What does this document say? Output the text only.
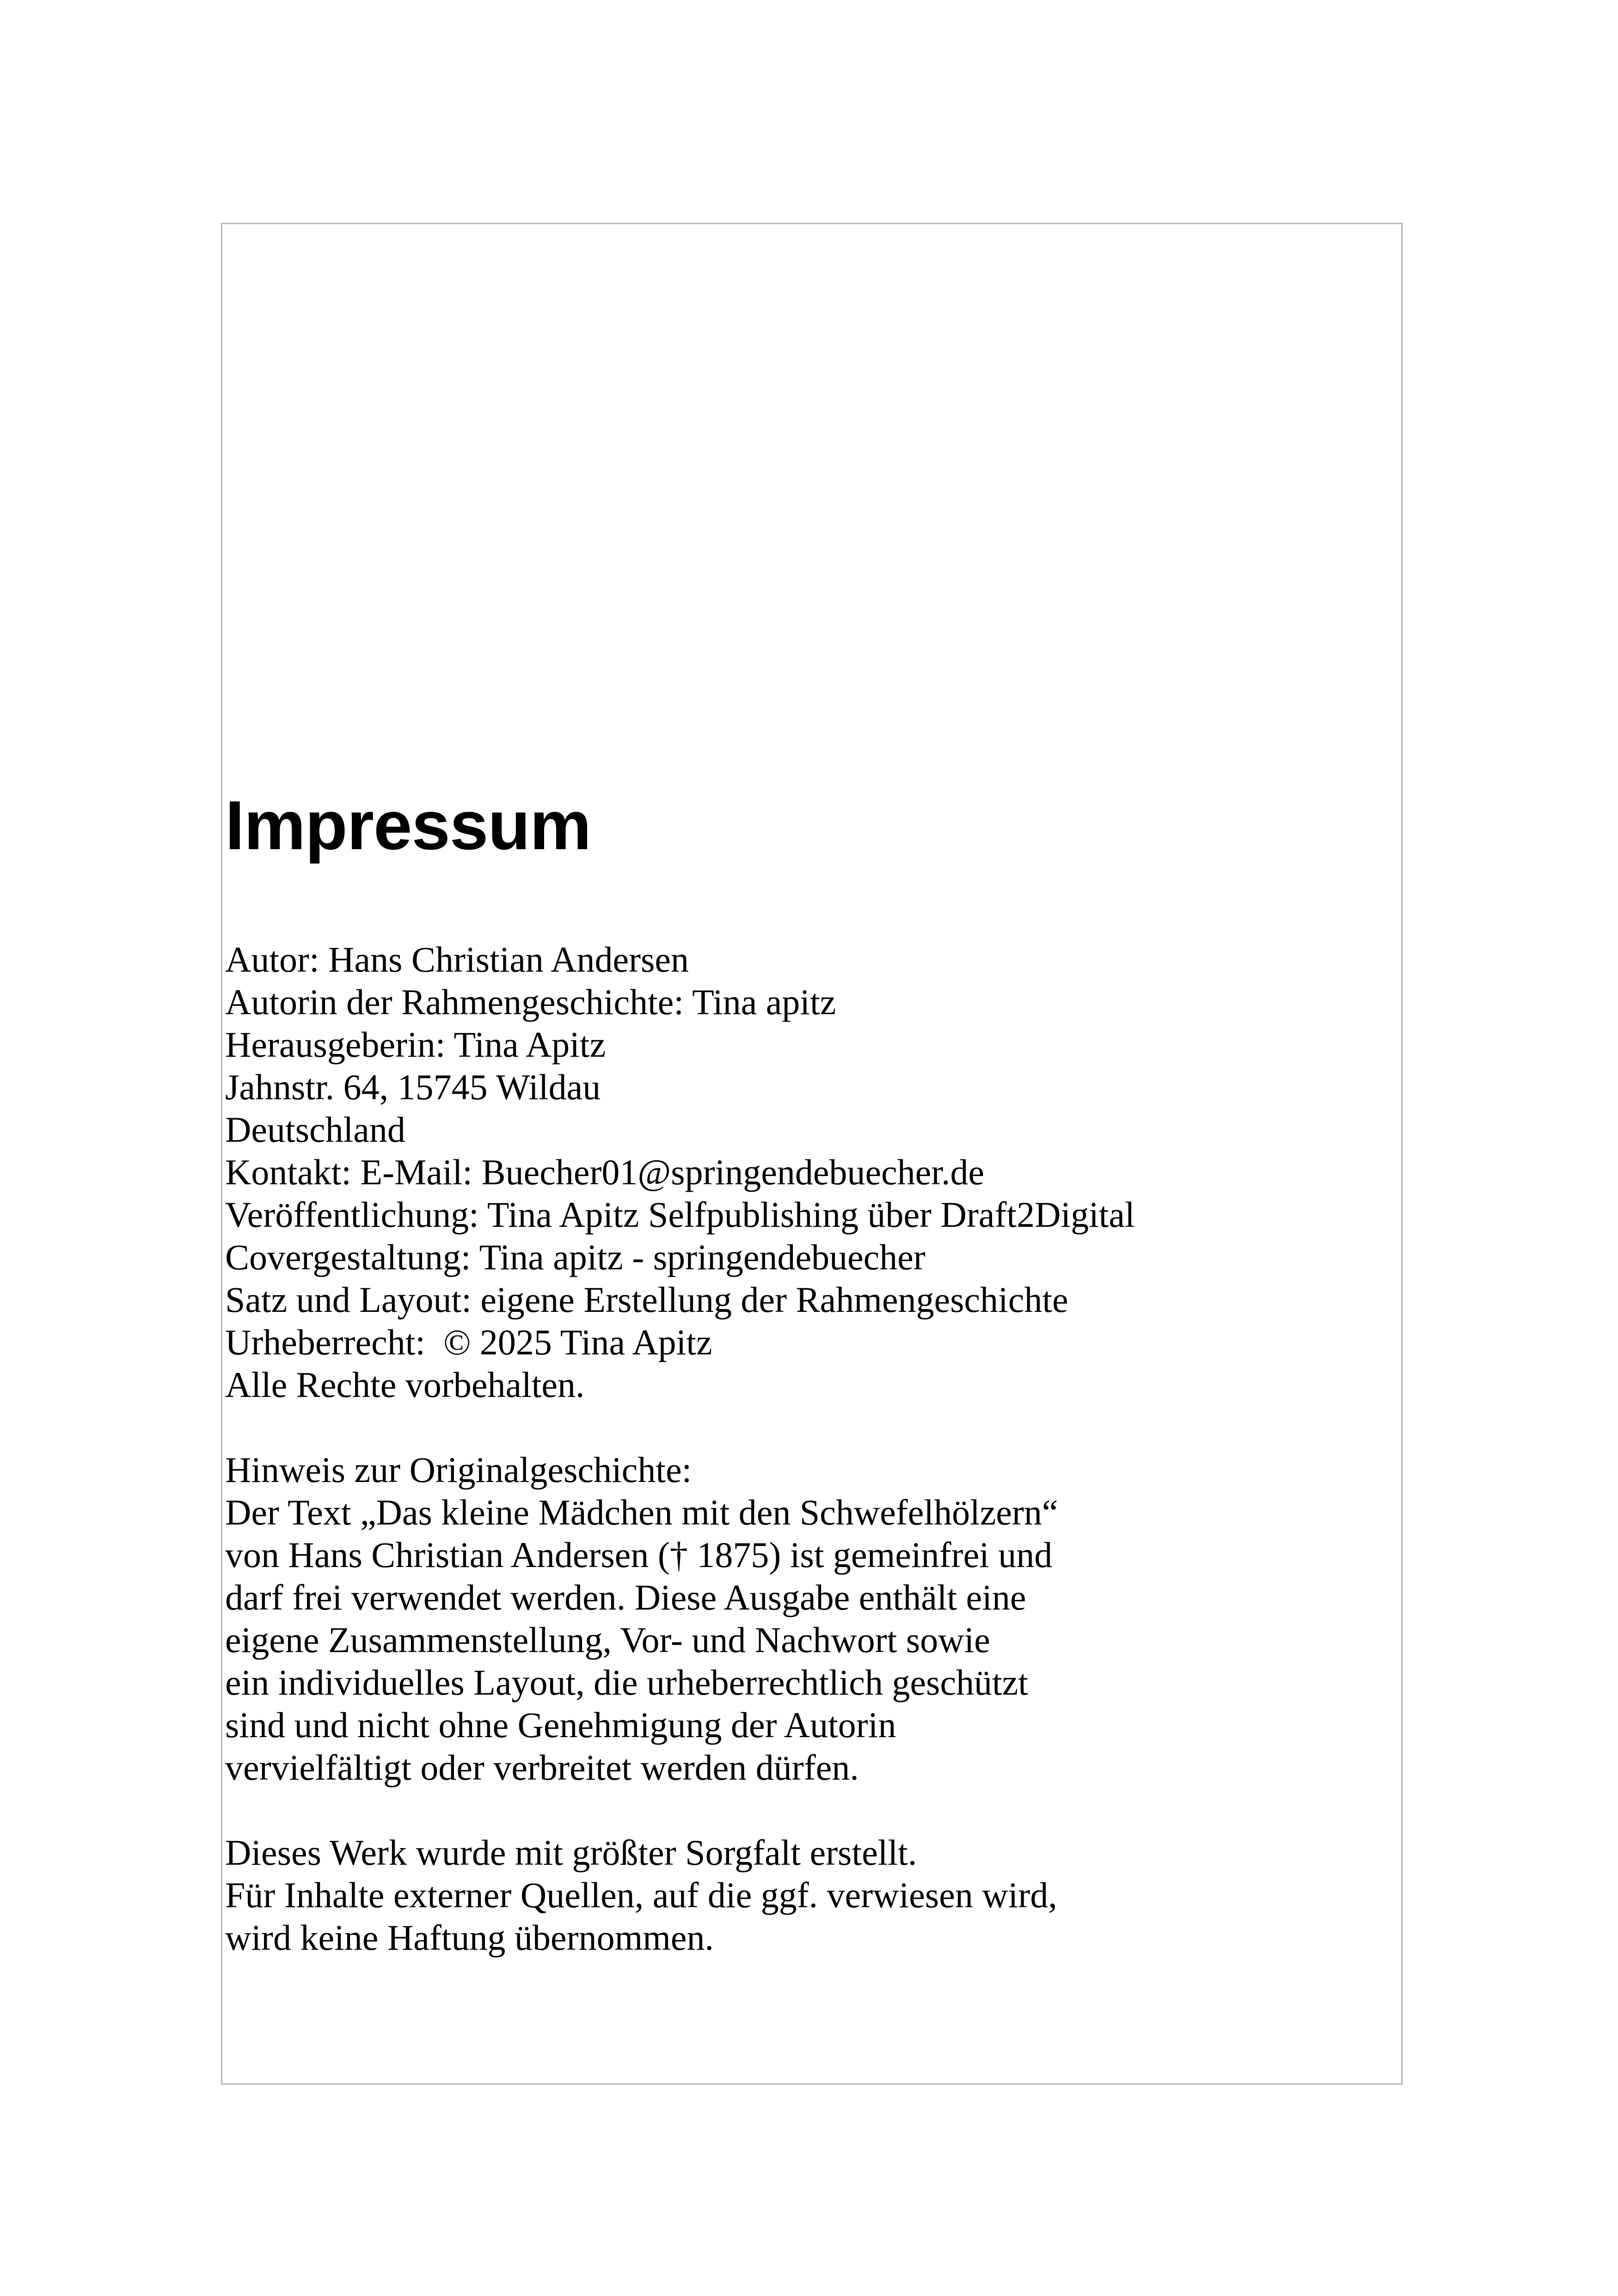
Impressum
Autor: Hans Christian Andersen
Autorin der Rahmengeschichte: Tina apitz
Herausgeberin: Tina Apitz
Jahnstr. 64, 15745 Wildau
Deutschland
Kontakt: E-Mail: Buecher01@springendebuecher.de
Veröffentlichung: Tina Apitz Selfpublishing über Draft2Digital
Covergestaltung: Tina apitz - springendebuecher
Satz und Layout: eigene Erstellung der Rahmengeschichte
Urheberrecht:  © 2025 Tina Apitz
Alle Rechte vorbehalten.
Hinweis zur Originalgeschichte:
Der Text „Das kleine Mädchen mit den Schwefelhölzern“
von Hans Christian Andersen († 1875) ist gemeinfrei und
darf frei verwendet werden. Diese Ausgabe enthält eine
eigene Zusammenstellung, Vor- und Nachwort sowie
ein individuelles Layout, die urheberrechtlich geschützt
sind und nicht ohne Genehmigung der Autorin
vervielfältigt oder verbreitet werden dürfen.
Dieses Werk wurde mit größter Sorgfalt erstellt.
Für Inhalte externer Quellen, auf die ggf. verwiesen wird,
wird keine Haftung übernommen.
